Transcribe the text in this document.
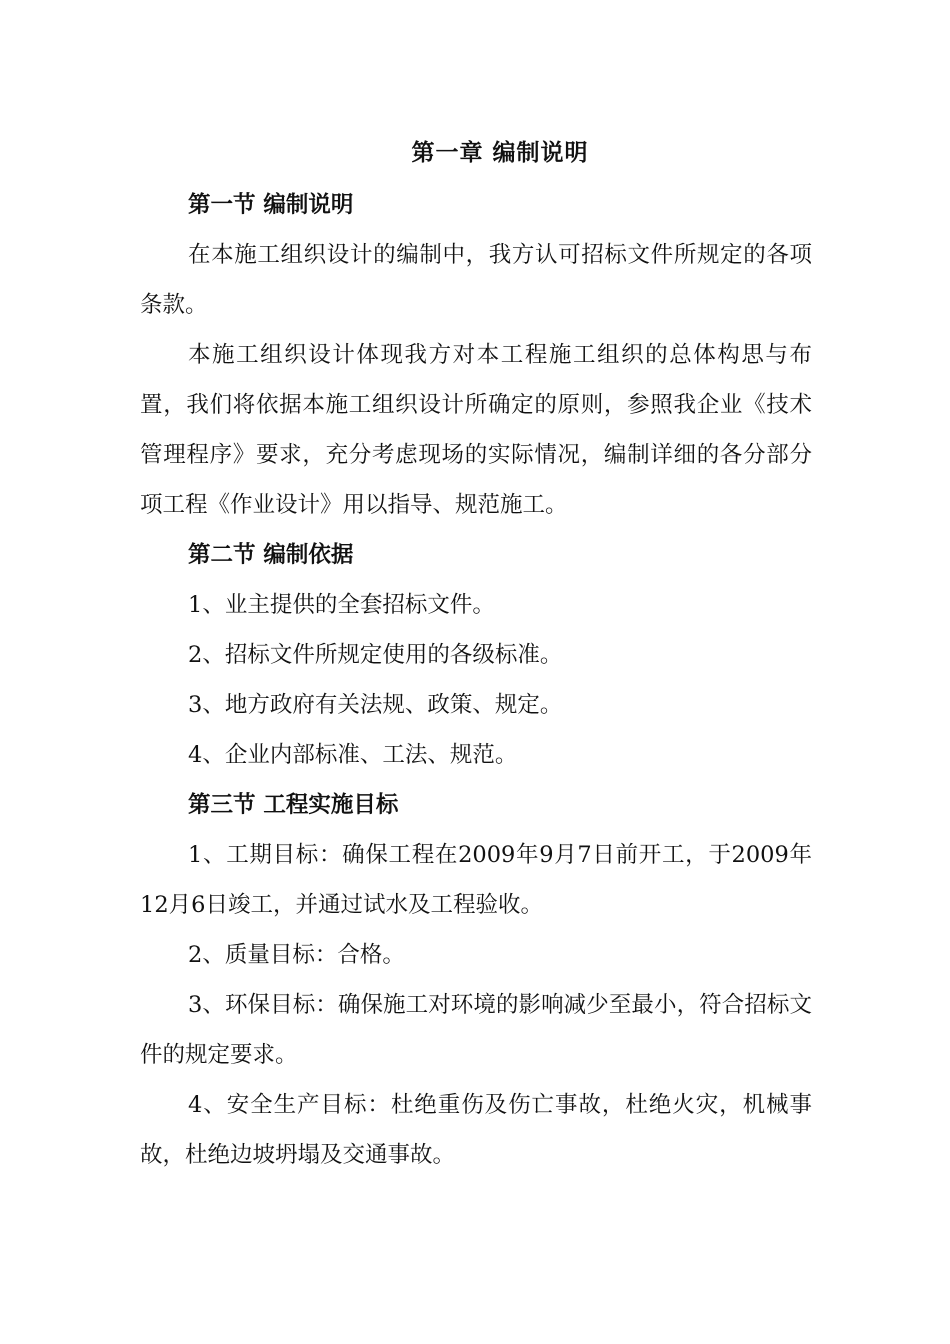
第一章 编制说明

第一节 编制说明

在本施工组织设计的编制中，我方认可招标文件所规定的各项条款。

本施工组织设计体现我方对本工程施工组织的总体构思与布置，我们将依据本施工组织设计所确定的原则，参照我企业《技术管理程序》要求，充分考虑现场的实际情况，编制详细的各分部分项工程《作业设计》用以指导、规范施工。

第二节 编制依据

1、业主提供的全套招标文件。

2、招标文件所规定使用的各级标准。

3、地方政府有关法规、政策、规定。

4、企业内部标准、工法、规范。

第三节 工程实施目标

1、工期目标：确保工程在2009年9月7日前开工，于2009年12月6日竣工，并通过试水及工程验收。

2、质量目标：合格。

3、环保目标：确保施工对环境的影响减少至最小，符合招标文件的规定要求。

4、安全生产目标：杜绝重伤及伤亡事故，杜绝火灾，机械事故，杜绝边坡坍塌及交通事故。
